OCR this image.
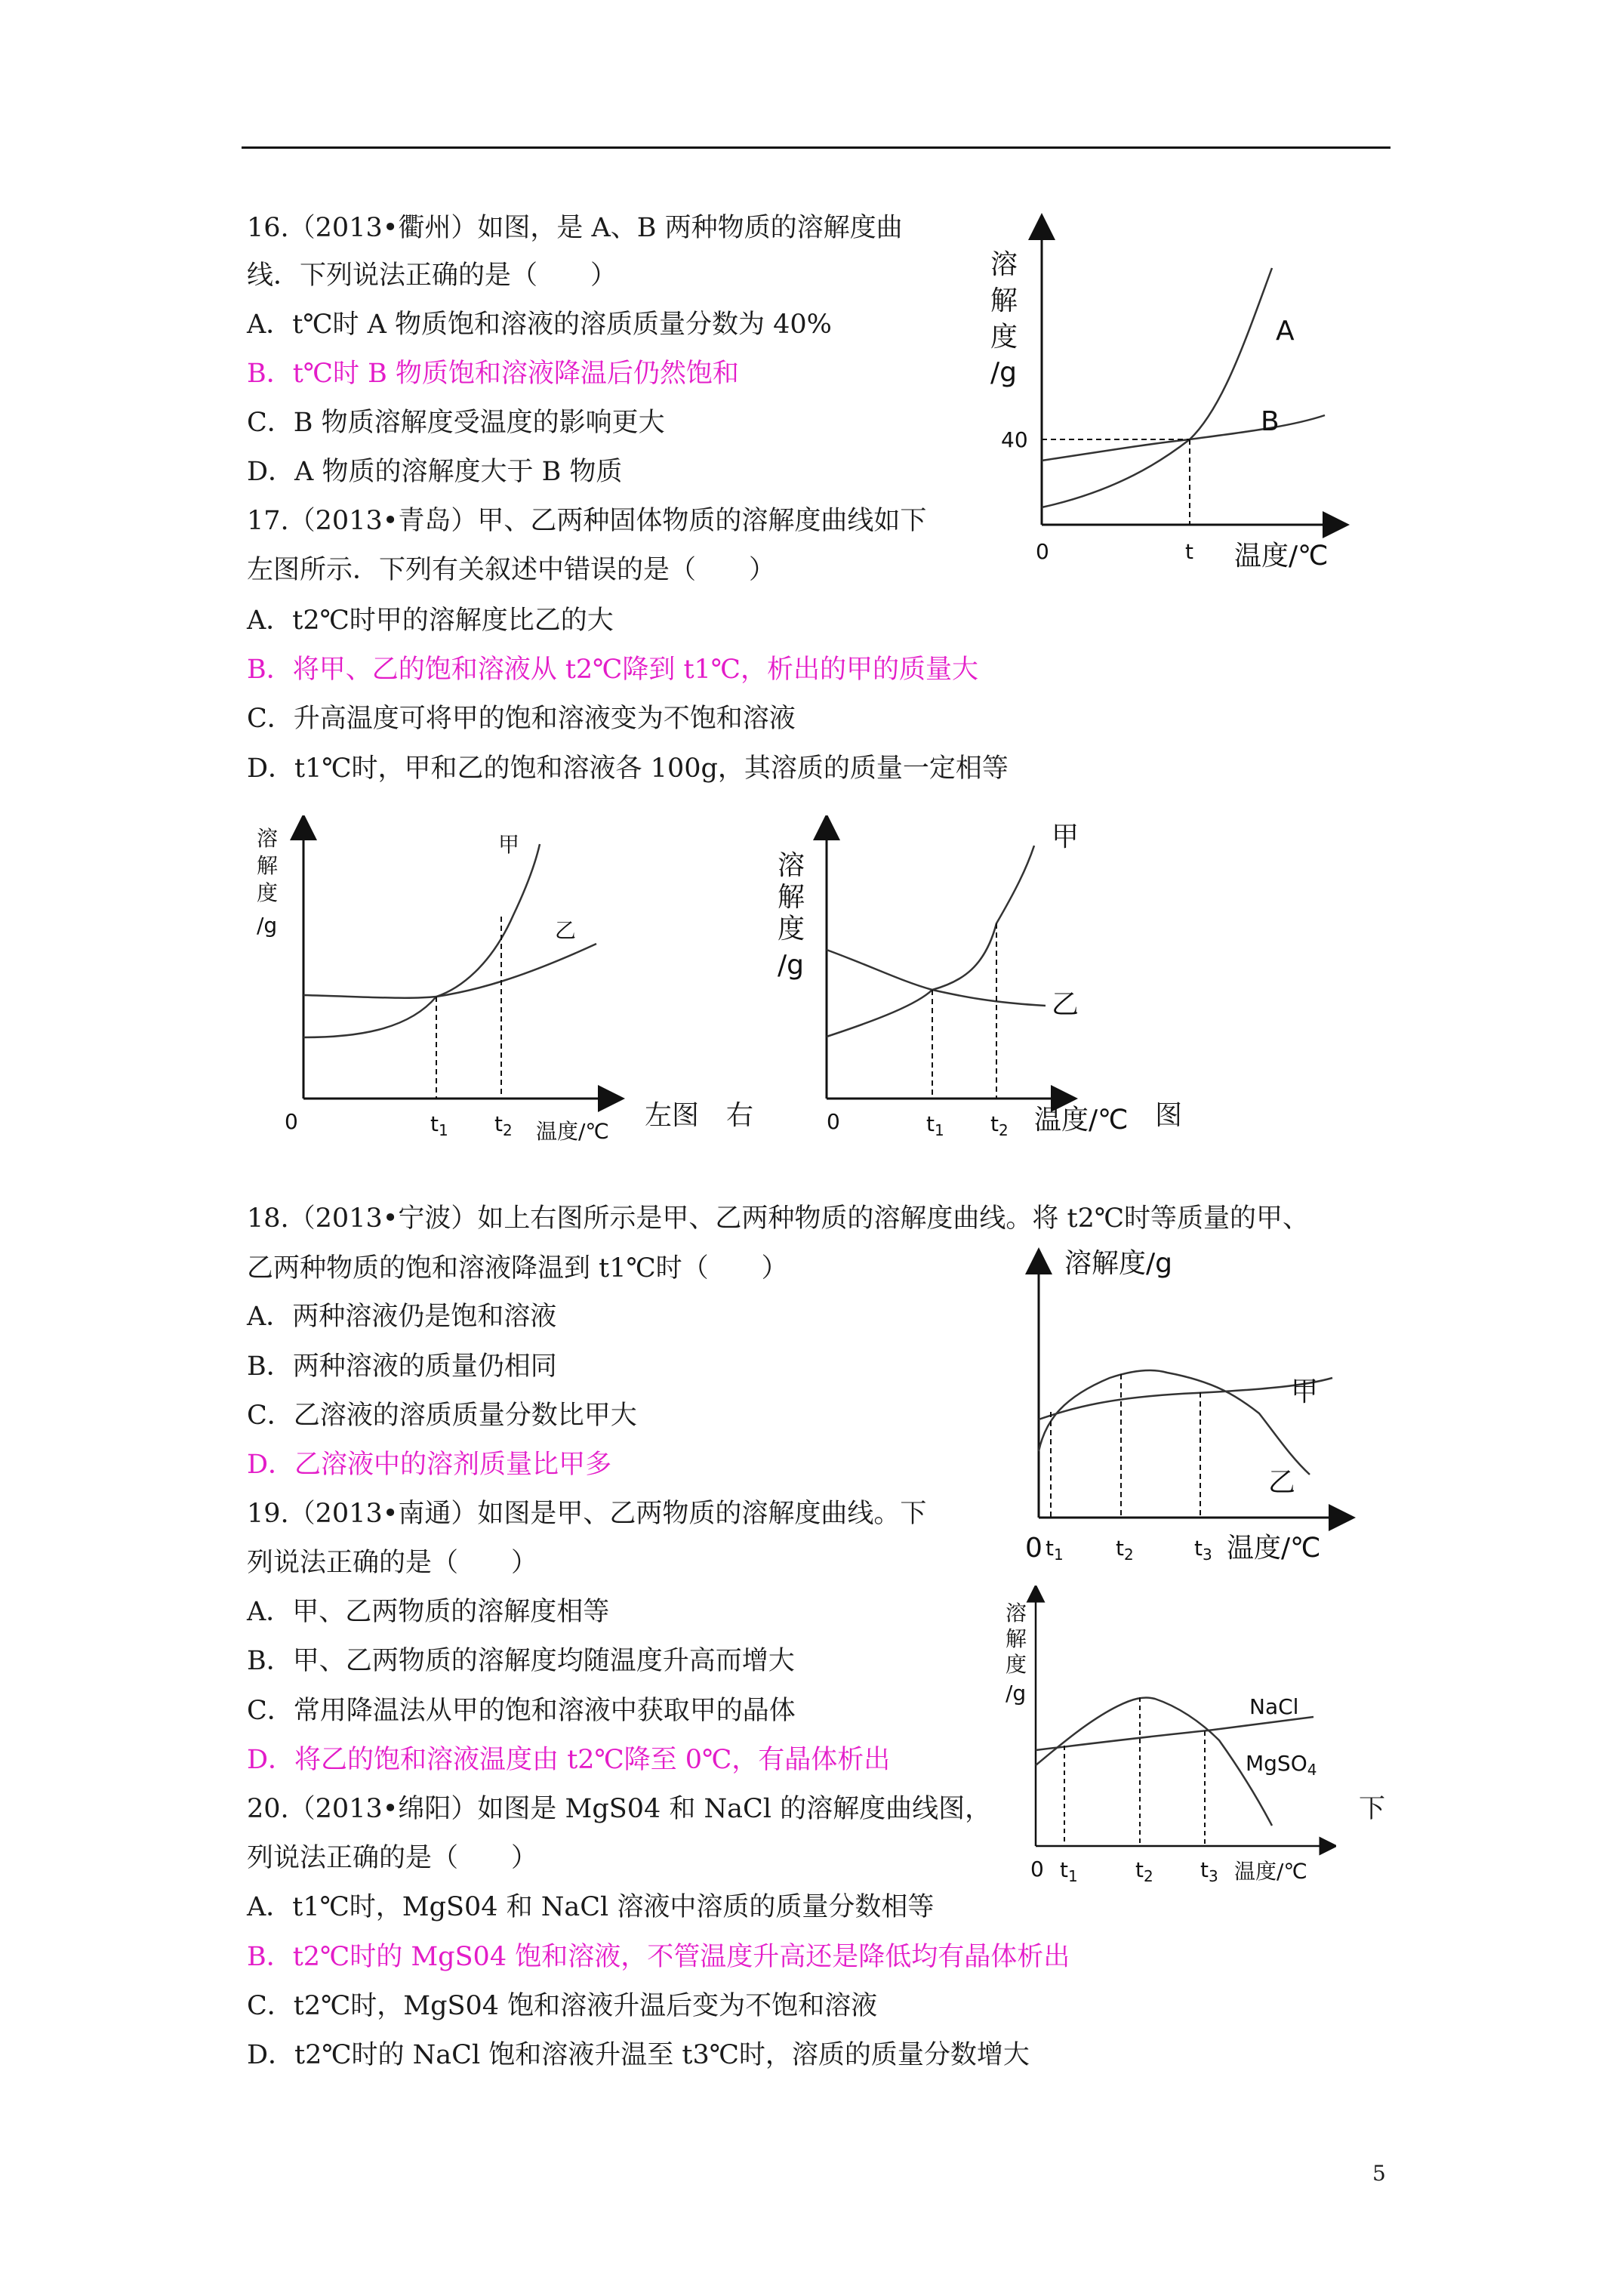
16.（2013•衢州）如图，是 A、B 两种物质的溶解度曲
线．下列说法正确的是（　　）
A．t℃时 A 物质饱和溶液的溶质质量分数为 40%
B．t℃时 B 物质饱和溶液降温后仍然饱和
C．B 物质溶解度受温度的影响更大
D．A 物质的溶解度大于 B 物质
溶
解
度
/g
40
0	t 温度/℃
A
B
17.（2013•青岛）甲、乙两种固体物质的溶解度曲线如下
左图所示．下列有关叙述中错误的是（　　）
A．t2℃时甲的溶解度比乙的大
B．将甲、乙的饱和溶液从 t2℃降到 t1℃，析出的甲的质量大
C．升高温度可将甲的饱和溶液变为不饱和溶液
D．t1℃时，甲和乙的饱和溶液各 100g，其溶质的质量一定相等
溶
解
度
/g
0	$t_1$ $t_2$ 温度/℃
甲
乙
左图　右
溶
解
度
/g
0	$t_1$ $t_2$ 温度/℃
甲
乙
图
18.（2013•宁波）如上右图所示是甲、乙两种物质的溶解度曲线。将 t2℃时等质量的甲、
乙两种物质的饱和溶液降温到 t1℃时（　　）
A．两种溶液仍是饱和溶液
B．两种溶液的质量仍相同
C．乙溶液的溶质质量分数比甲大
D．乙溶液中的溶剂质量比甲多
溶解度/g
0 $t_1$ $t_2$	$t_3$ 温度/℃
甲
乙
19.（2013•南通）如图是甲、乙两物质的溶解度曲线。下
列说法正确的是（　　）
A．甲、乙两物质的溶解度相等
B．甲、乙两物质的溶解度均随温度升高而增大
C．常用降温法从甲的饱和溶液中获取甲的晶体
D．将乙的饱和溶液温度由 t2℃降至 0℃，有晶体析出
溶
解
度
/g
0 $t_1$	$t_2$ $t_3$ 温度/℃
NaCl
MgSO$_4$
20.（2013•绵阳）如图是 MgS04 和 NaCl 的溶解度曲线图，	下
列说法正确的是（　　）
A．t1℃时，MgS04 和 NaCl 溶液中溶质的质量分数相等
B．t2℃时的 MgS04 饱和溶液，不管温度升高还是降低均有晶体析出
C．t2℃时，MgS04 饱和溶液升温后变为不饱和溶液
D．t2℃时的 NaCl 饱和溶液升温至 t3℃时，溶质的质量分数增大
5
